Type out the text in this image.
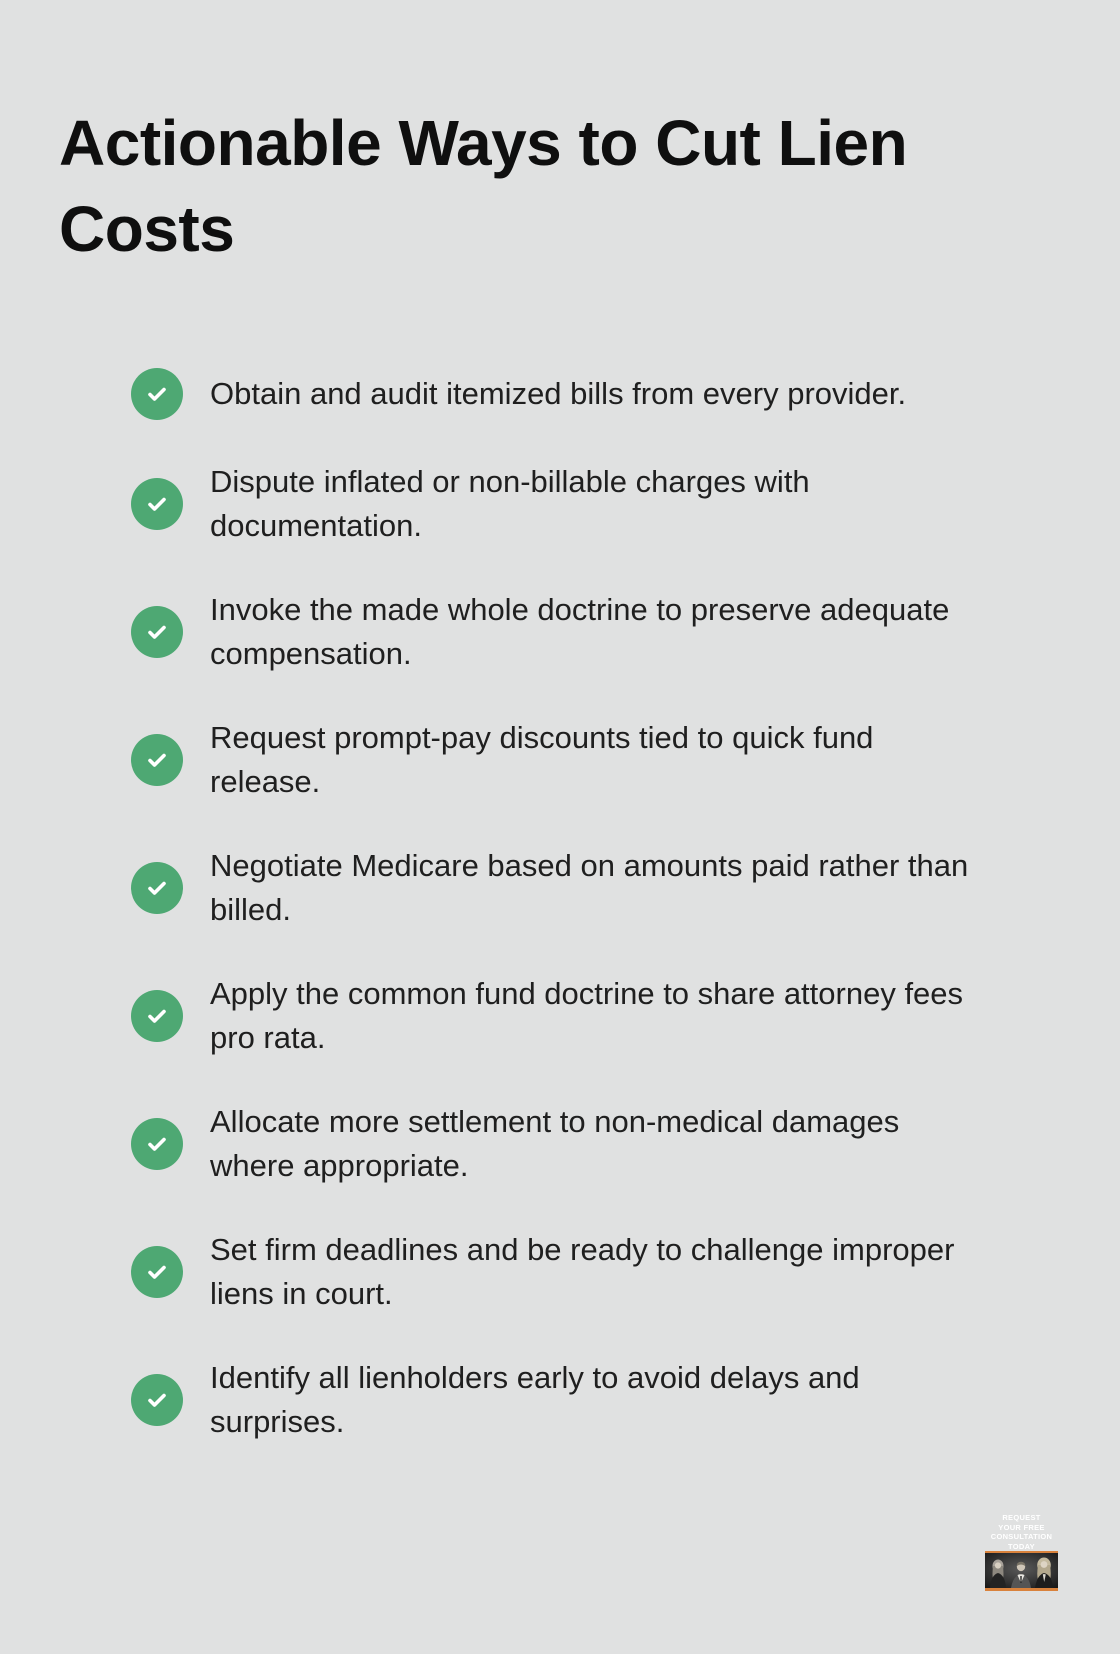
Actionable Ways to Cut Lien
Costs
Obtain and audit itemized bills from every provider.
Dispute inflated or non-billable charges with
documentation.
Invoke the made whole doctrine to preserve adequate
compensation.
Request prompt-pay discounts tied to quick fund
release.
Negotiate Medicare based on amounts paid rather than
billed.
Apply the common fund doctrine to share attorney fees
pro rata.
Allocate more settlement to non-medical damages
where appropriate.
Set firm deadlines and be ready to challenge improper
liens in court.
Identify all lienholders early to avoid delays and
surprises.
REQUEST
YOUR FREE
CONSULTATION
TODAY
